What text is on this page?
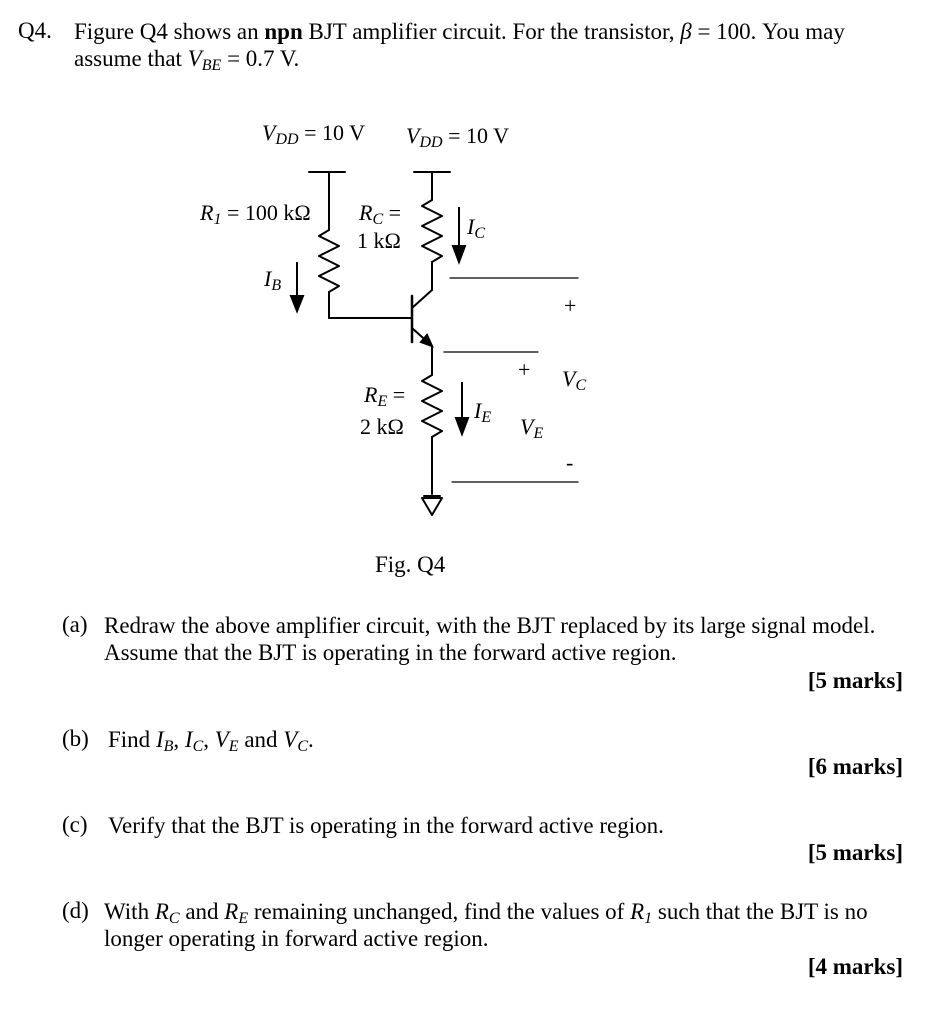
Q4. Figure Q4 shows an npn BJT amplifier circuit. For the transistor, β = 100. You may
assume that $V_{BE} = 0.7$ V.
$V_{DD} = 10$ V $V_{DD} = 10$ V
$R_1 = 100$ kΩ $R_C$ =
1 kΩ
$I_B$
$I_C$
+
+
-
$V_C$
$R_E$ =
2 kΩ
$I_E$ $V_E$
Fig. Q4
(a) Redraw the above amplifier circuit, with the BJT replaced by its large signal model.
Assume that the BJT is operating in the forward active region.
[5 marks]
(b) Find $I_B$, $I_C$, $V_E$ and $V_C$.
[6 marks]
(c) Verify that the BJT is operating in the forward active region.
[5 marks]
(d) With $R_C$ and $R_E$ remaining unchanged, find the values of $R_1$ such that the BJT is no
longer operating in forward active region.
[4 marks]
